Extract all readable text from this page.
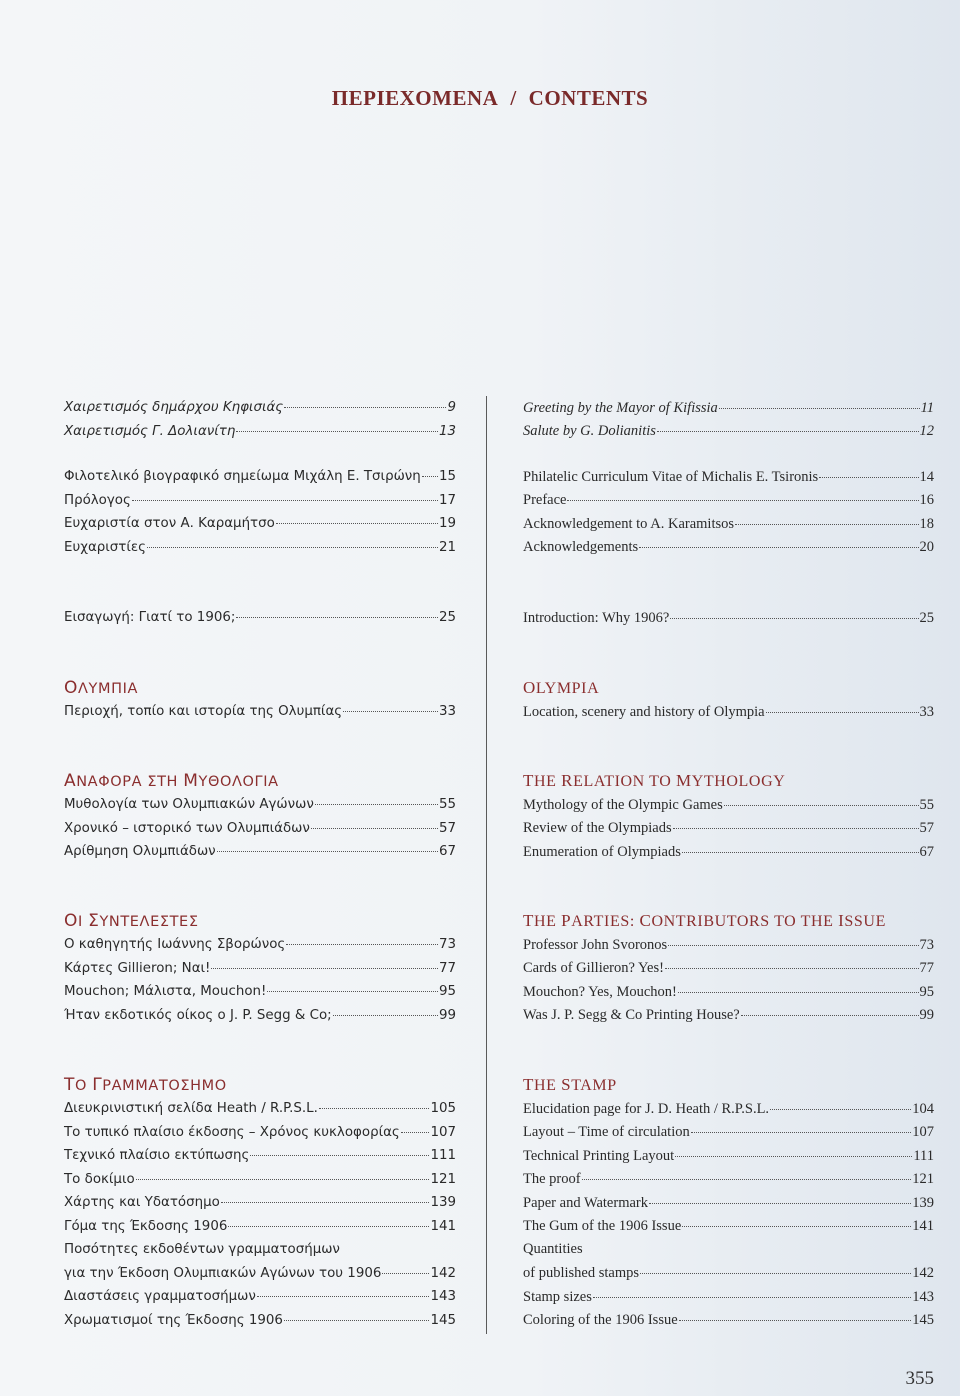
ΠΕΡΙΕΧΟΜΕΝΑ / CONTENTS
Χαιρετισμός δημάρχου Κηφισιάς	9
Χαιρετισμός Γ. Δολιανίτη	13
Φιλοτελικό βιογραφικό σημείωμα Μιχάλη Ε. Τσιρώνη 15
Πρόλογος	17
Ευχαριστία στον Α. Καραμήτσο	19
Ευχαριστίες	21
Εισαγωγή: Γιατί το 1906;	25
ΟΛΥΜΠΙΑ
Περιοχή, τοπίο και ιστορία της Ολυμπίας	33
ΑΝΑΦΟΡΑ ΣΤΗ ΜΥΘΟΛΟΓΙΑ
Μυθολογία των Ολυμπιακών Αγώνων	55
Χρονικό – ιστορικό των Ολυμπιάδων	57
Αρίθμηση Ολυμπιάδων	67
ΟΙ ΣΥΝΤΕΛΕΣΤΕΣ
Ο καθηγητής Ιωάννης Σβορώνος	73
Κάρτες Gillieron; Ναι!	77
Mouchon; Μάλιστα, Mouchon!	95
Ήταν εκδοτικός οίκος ο J. P. Segg & Co;	99
ΤΟ ΓΡΑΜΜΑΤΟΣΗΜΟ
Διευκρινιστική σελίδα Heath / R.P.S.L.	105
Το τυπικό πλαίσιο έκδοσης – Χρόνος κυκλοφορίας 107
Τεχνικό πλαίσιο εκτύπωσης	111
Το δοκίμιο	121
Χάρτης και Υδατόσημο	139
Γόμα της Έκδοσης 1906	141
Ποσότητες εκδοθέντων γραμματοσήμων
για την Έκδοση Ολυμπιακών Αγώνων του 1906	142
Διαστάσεις γραμματοσήμων	143
Χρωματισμοί της Έκδοσης 1906	145
Greeting by the Mayor of Kifissia	11
Salute by G. Dolianitis	12
Philatelic Curriculum Vitae of Michalis E. Tsironis	14
Preface	16
Acknowledgement to A. Karamitsos	18
Acknowledgements	20
Introduction: Why 1906?	25
OLYMPIA
Location, scenery and history of Olympia	33
THE RELATION TO MYTHOLOGY
Mythology of the Olympic Games	55
Review of the Olympiads	57
Enumeration of Olympiads	67
THE PARTIES: CONTRIBUTORS TO THE ISSUE
Professor John Svoronos	73
Cards of Gillieron? Yes!	77
Mouchon? Yes, Mouchon!	95
Was J. P. Segg & Co Printing House?	99
THE STAMP
Elucidation page for J. D. Heath / R.P.S.L.	104
Layout – Time of circulation	107
Technical Printing Layout	111
The proof	121
Paper and Watermark	139
The Gum of the 1906 Issue	141
Quantities
of published stamps	142
Stamp sizes	143
Coloring of the 1906 Issue	145
355
